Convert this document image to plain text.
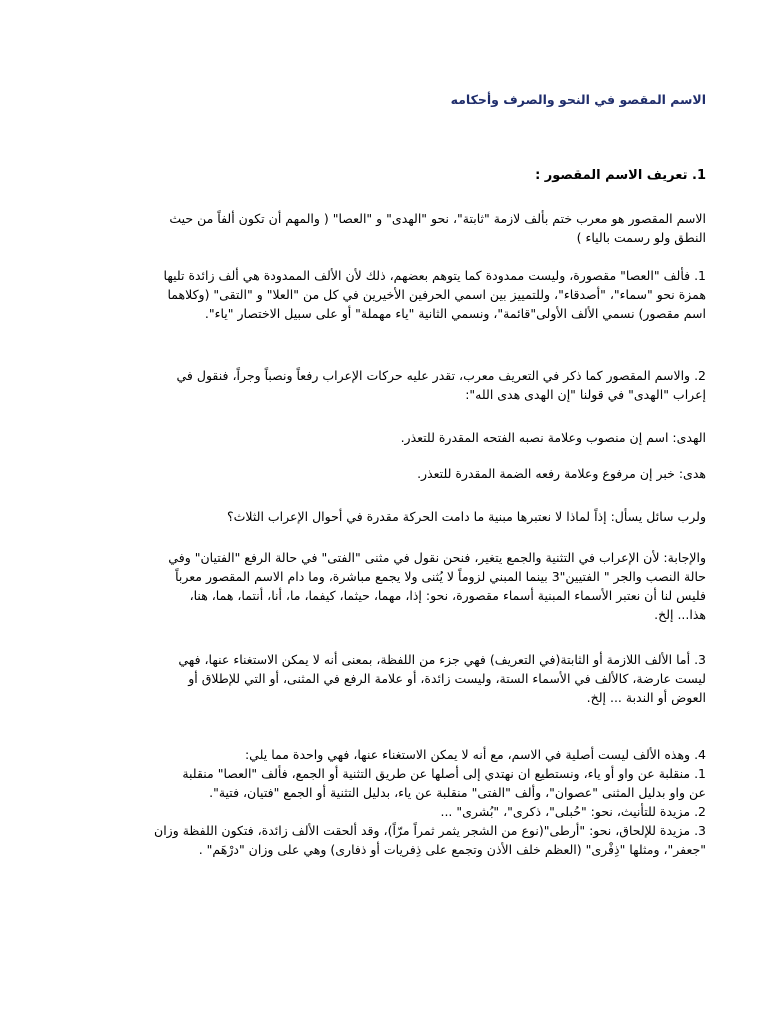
الاسم المقصو في النحو والصرف وأحكامه
1. تعريف الاسم المقصور :

الاسم المقصور هو معرب ختم بألف لازمة "ثابتة"، نحو "الهدى" و "العصا" ( والمهم أن تكون ألفاً من حيث
النطق ولو رسمت بالياء )

1. فألف "العصا" مقصورة، وليست ممدودة كما يتوهم بعضهم، ذلك لأن الألف الممدودة هي ألف زائدة تليها
همزة نحو "سماء"، "أصدقاء"، وللتمييز بين اسمي الحرفين الأخيرين في كل من "العلا" و "التقى" (وكلاهما
اسم مقصور) نسمي الألف الأولى"قائمة"، ونسمي الثانية "ياء مهملة" أو على سبيل الاختصار "ياء".

2. والاسم المقصور كما ذكر في التعريف معرب، تقدر عليه حركات الإعراب رفعاً ونصباً وجراً، فنقول في
إعراب "الهدى" في قولنا "إن الهدى هدى الله":

الهدى: اسم إن منصوب وعلامة نصبه الفتحه المقدرة للتعذر.

هدى: خبر إن مرفوع وعلامة رفعه الضمة المقدرة للتعذر.

ولرب سائل يسأل: إذاً لماذا لا نعتبرها مبنية ما دامت الحركة مقدرة في أحوال الإعراب الثلاث؟

والإجابة: لأن الإعراب في التثنية والجمع يتغير، فنحن نقول في مثنى "الفتى" في حالة الرفع "الفتيان" وفي
حالة النصب والجر " الفتيين"3 بينما المبني لزوماً لا يُثنى ولا يجمع مباشرة، وما دام الاسم المقصور معرباً
فليس لنا أن نعتبر الأسماء المبنية أسماء مقصورة، نحو: إذا، مهما، حيثما، كيفما، ما، أنا، أنتما، هما، هنا،
هذا... إلخ.

3. أما الألف اللازمة أو الثابتة(في التعريف) فهي جزء من اللفظة، بمعنى أنه لا يمكن الاستغناء عنها، فهي
ليست عارضة، كالألف في الأسماء الستة، وليست زائدة، أو علامة الرفع في المثنى، أو التي للإطلاق أو
العوض أو الندبة ... إلخ.

4. وهذه الألف ليست أصلية في الاسم، مع أنه لا يمكن الاستغناء عنها، فهي واحدة مما يلي:
1. منقلبة عن واو أو ياء، ونستطيع ان نهتدي إلى أصلها عن طريق التثنية أو الجمع، فألف "العصا" منقلبة
عن واو بدليل المثنى "عصوان"، وألف "الفتى" منقلبة عن ياء، بدليل التثنية أو الجمع "فتيان، فتية".
2. مزيدة للتأنيث، نحو: "حُبلى"، ذكرى"، "بُشرى" ...
3. مزيدة للإلحاق، نحو: "أرطى"(نوع من الشجر يثمر ثمراً مرّاً)، وقد ألحقت الألف زائدة، فتكون اللفظة وزان
"جعفر"، ومثلها "ذِفْرى" (العظم خلف الأذن وتجمع على ذِفريات أو ذفارى) وهي على وزان "درْهَم" .
